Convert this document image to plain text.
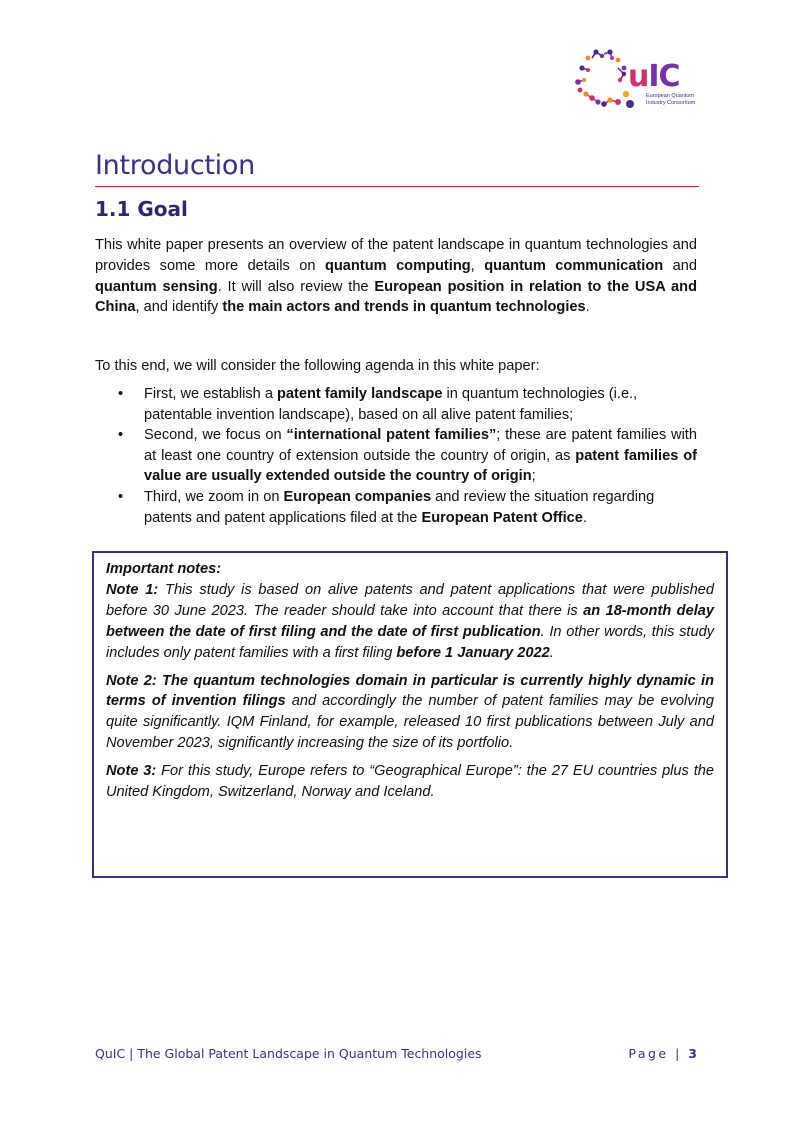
uIC
European Quantum
Industry Consortium
Introduction
1.1 Goal

This white paper presents an overview of the patent landscape in quantum technologies and provides some more details on quantum computing, quantum communication and quantum sensing. It will also review the European position in relation to the USA and China, and identify the main actors and trends in quantum technologies.

To this end, we will consider the following agenda in this white paper:

• First, we establish a patent family landscape in quantum technologies (i.e., patentable invention landscape), based on all alive patent families;
• Second, we focus on “international patent families”; these are patent families with at least one country of extension outside the country of origin, as patent families of value are usually extended outside the country of origin;
• Third, we zoom in on European companies and review the situation regarding patents and patent applications filed at the European Patent Office.
Important notes:

Note 1: This study is based on alive patents and patent applications that were published before 30 June 2023. The reader should take into account that there is an 18-month delay between the date of first filing and the date of first publication. In other words, this study includes only patent families with a first filing before 1 January 2022.

Note 2: The quantum technologies domain in particular is currently highly dynamic in terms of invention filings and accordingly the number of patent families may be evolving quite significantly. IQM Finland, for example, released 10 first publications between July and November 2023, significantly increasing the size of its portfolio.

Note 3: For this study, Europe refers to “Geographical Europe”: the 27 EU countries plus the United Kingdom, Switzerland, Norway and Iceland.

QuIC | The Global Patent Landscape in Quantum Technologies	Page | 3
